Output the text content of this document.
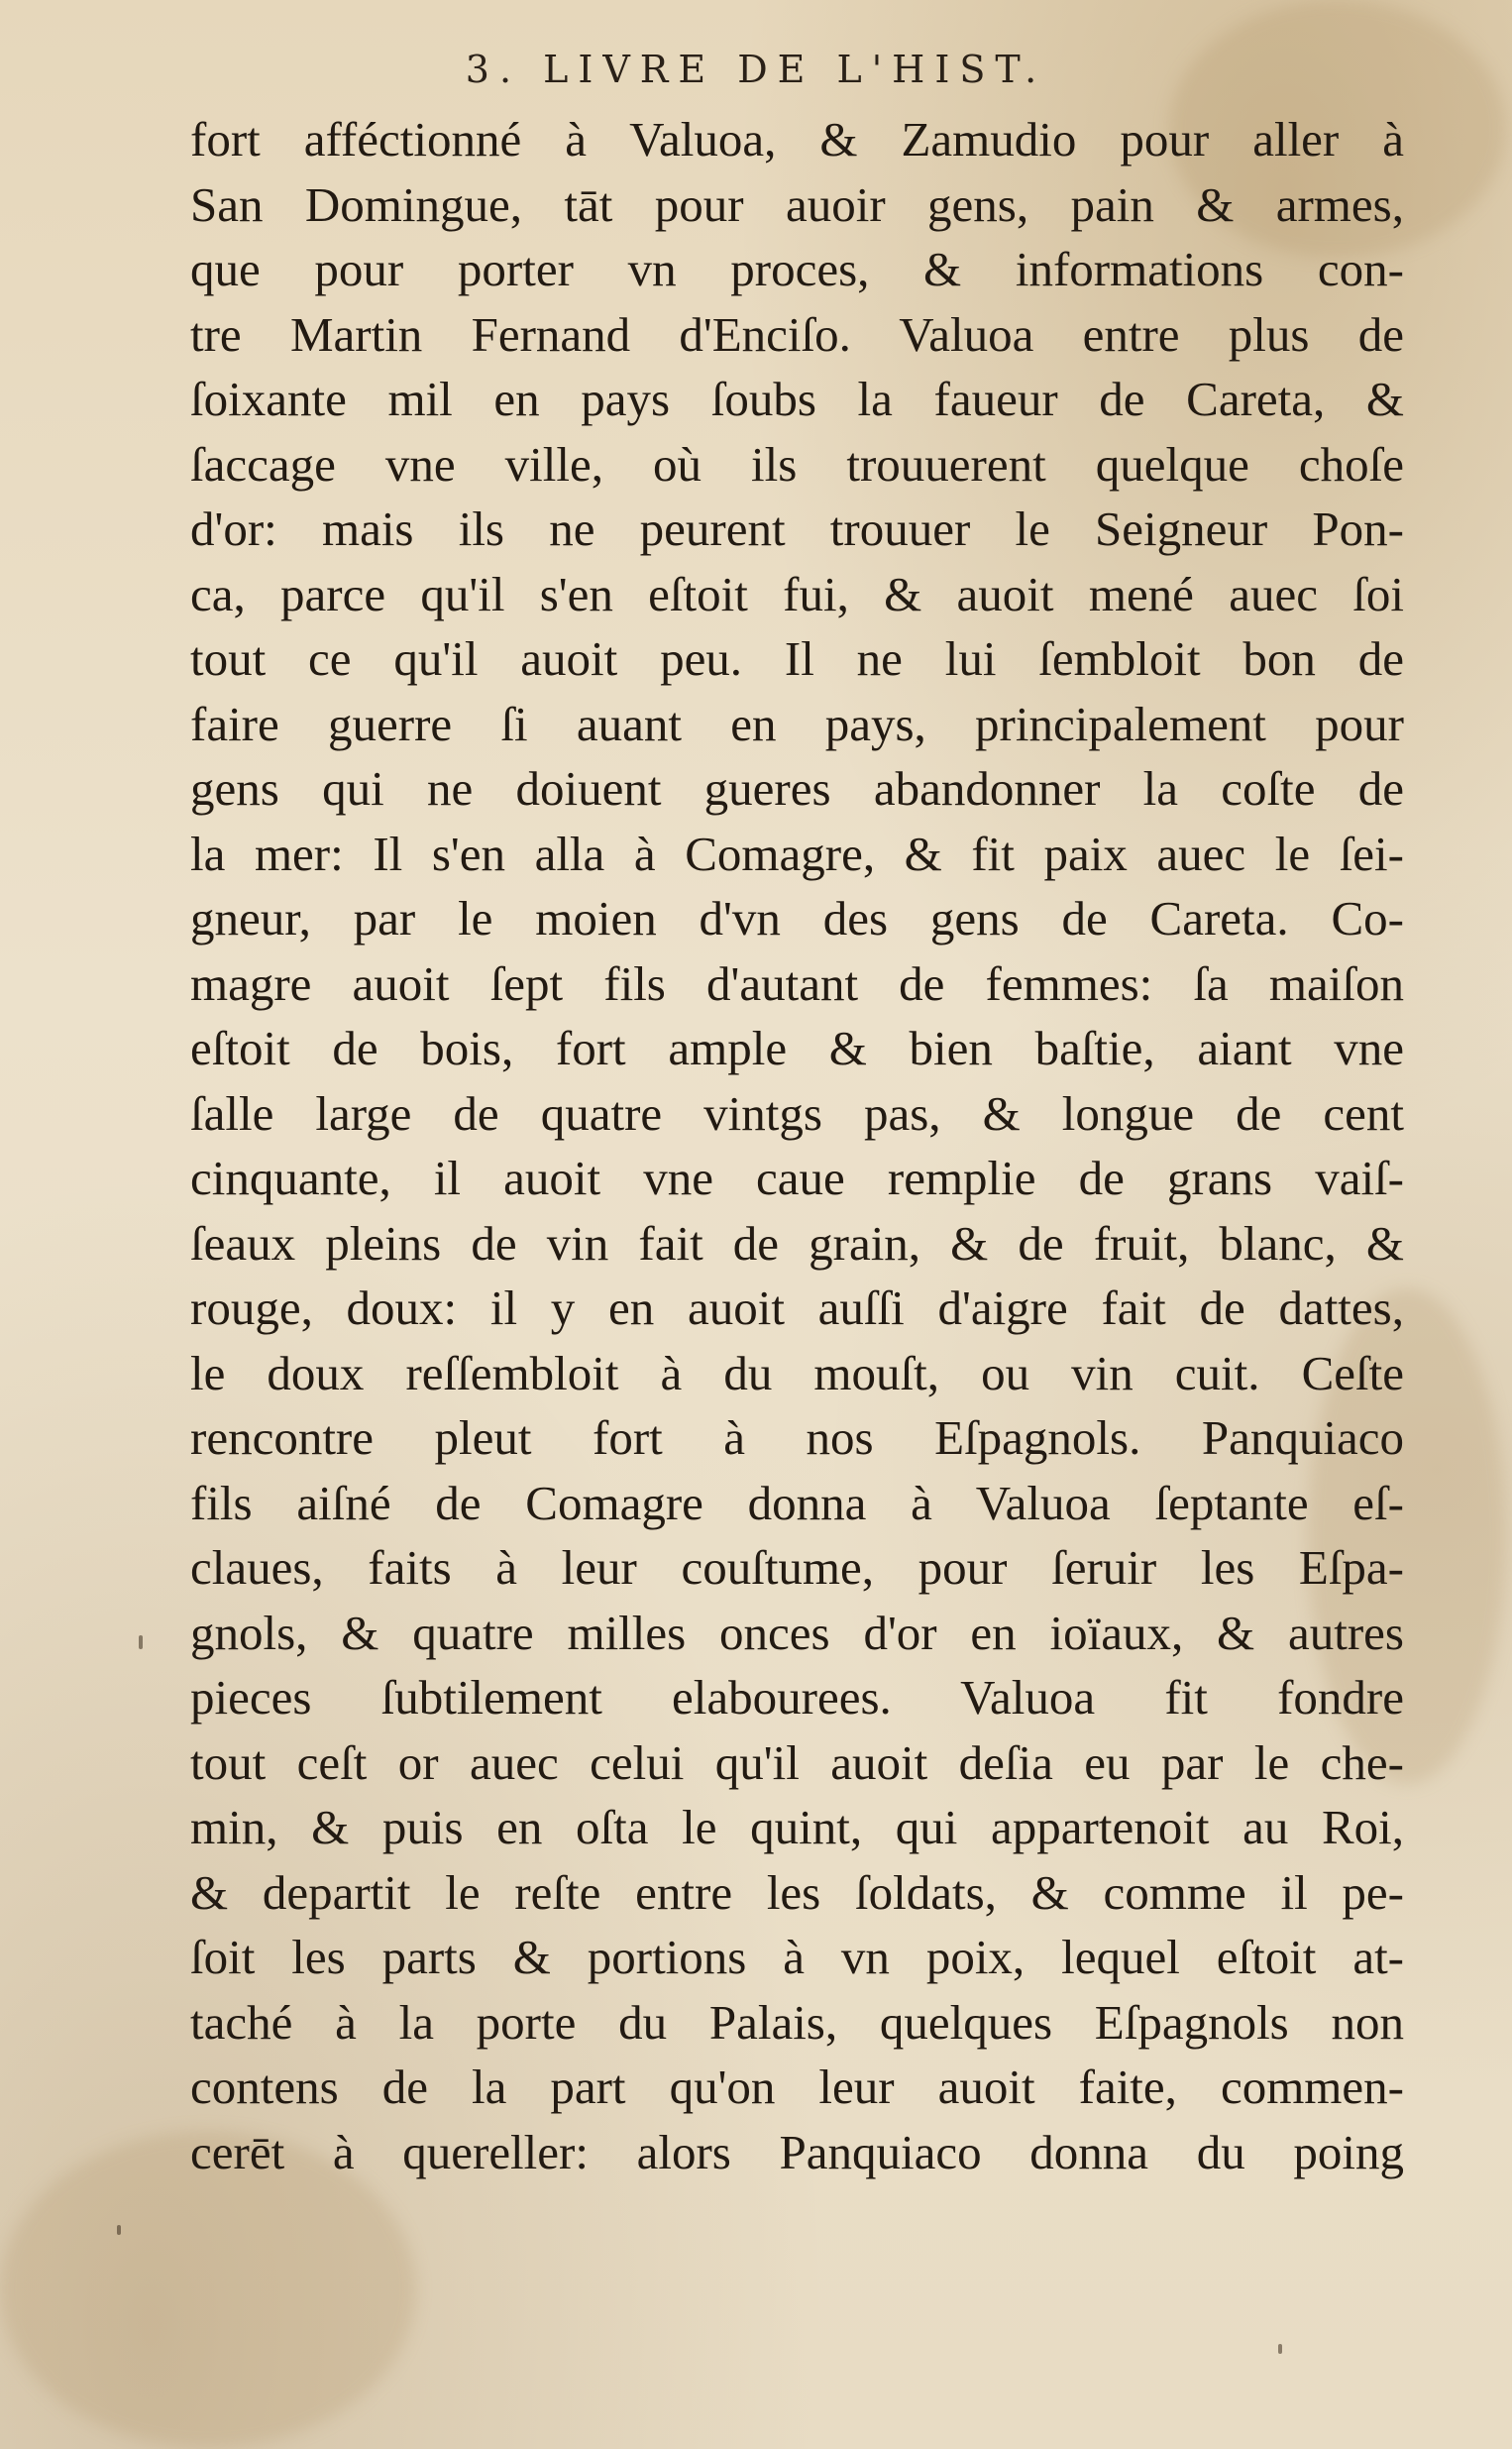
3. LIVRE DE L'HIST.
fort afféctionné à Valuoa, & Zamudio pour aller à
San Domingue, tāt pour auoir gens, pain & armes,
que pour porter vn proces, & informations con-
tre Martin Fernand d'Enciſo. Valuoa entre plus de
ſoixante mil en pays ſoubs la faueur de Careta, &
ſaccage vne ville, où ils trouuerent quelque choſe
d'or: mais ils ne peurent trouuer le Seigneur Pon-
ca, parce qu'il s'en eſtoit fui, & auoit mené auec ſoi
tout ce qu'il auoit peu. Il ne lui ſembloit bon de
faire guerre ſi auant en pays, principalement pour
gens qui ne doiuent gueres abandonner la coſte de
la mer: Il s'en alla à Comagre, & fit paix auec le ſei-
gneur, par le moien d'vn des gens de Careta. Co-
magre auoit ſept fils d'autant de femmes: ſa maiſon
eſtoit de bois, fort ample & bien baſtie, aiant vne
ſalle large de quatre vintgs pas, & longue de cent
cinquante, il auoit vne caue remplie de grans vaiſ-
ſeaux pleins de vin fait de grain, & de fruit, blanc, &
rouge, doux: il y en auoit auſſi d'aigre fait de dattes,
le doux reſſembloit à du mouſt, ou vin cuit. Ceſte
rencontre pleut fort à nos Eſpagnols. Panquiaco
fils aiſné de Comagre donna à Valuoa ſeptante eſ-
claues, faits à leur couſtume, pour ſeruir les Eſpa-
gnols, & quatre milles onces d'or en ioïaux, & autres
pieces ſubtilement elabourees. Valuoa fit fondre
tout ceſt or auec celui qu'il auoit deſia eu par le che-
min, & puis en oſta le quint, qui appartenoit au Roi,
& departit le reſte entre les ſoldats, & comme il pe-
ſoit les parts & portions à vn poix, lequel eſtoit at-
taché à la porte du Palais, quelques Eſpagnols non
contens de la part qu'on leur auoit faite, commen-
cerēt à quereller: alors Panquiaco donna du poing
